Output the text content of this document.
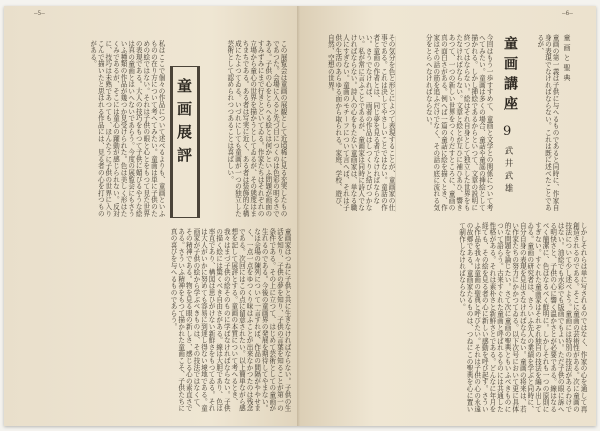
—5—
この展覧会は童画の展観として近頃稀に見る充実したものであつた。会場に入ると先づ目につくのは色彩の明るさである。子供の心をとらへる絵とは何かといふ問題が画面のすみずみにまで行きとどいてゐる。作家たちはそれぞれの立場から童心の世界を描かうとしてゐるが、その態度はまちまちである。ある者は写実に近く、ある者は装飾的な構成にたよつてゐる。いづれにしても童画が一つの独立した芸術として認められつつあることは喜ばしい。
童画展評
私はここで個々の作品について述べるよりも、童画といふものの在り方について考へてみたい。童画は単に子供のための絵ではない。それは子供の眼と心とをもつて見た世界の表現である。大人の技巧をもつて子供に媚びるやうな絵は真の童画とはいへないであらう。今度の展覧会にもさういふ種類の作品が幾つか見受けられた。色は美しく形はたくみであるが、そこには童心の躍動が感じられない。反対に、技巧は未熟であつても、ほんたうに子供の世界に入りこんで描いたと思はれる作品には、見る者の心を打つものがある。
童画家はつねに子供と共に生きなければならない。子供の生活を知り、子供の夢を知り、子供の言葉を知ることが第一の条件である。その上に立つて、はじめて芸術としての童画が生れるのである。今後の童画界の発展を期待してやまない。なほ会場の陳列について一言すれば、作品の間隔がややせまく、一点一点をゆつくり味はふことが出来なかつたのは残念である。次回にはこの点に留意されたい。以上簡単ながら感想を記して展評とする。童画の本質について考へるとき、我々はまづ子供の絵そのものに学ばなければならない。子供の描く絵には驚くべき自由さがある。線は大胆であり、色は率直であり、構図は思ひがけない新鮮さをもつてゐる。それは大人がいかに努めても容易に到達し得ない境地である。童画家が子供の絵から学ぶべきものは、その技法ではなくて、その精神である。物を見る眼の新しさ、感じる心の素直さである。さういふ精神をもつて描かれた童画こそ、子供たちに真の喜びを与へるものであらう。
—6—
童画と聖典
童画の第一義は子供に与へるものであると同時に、作家自身の表現でなければならない。これは既に述べたことであるが、
童画講座
9
武井武雄
今回はもう一歩すすめて、童画と文学との関係について考へてみたい。童画は多くの場合、童話や童謡の挿絵として描かれる。しかし挿絵であるからといつて、文章の説明に終つてはならない。絵はそれ自身として独立した世界をもたなければならない。文章と絵とが互ひに補ひあひ、響きあつて、一つの新しい世界をつくりだすところに、童画の真の面白さがある。例へば一篇の童話に絵を描くとき、作家はその話の筋を追ふだけでなく、その話の底に流れる気分をとらへなければならない。
その気分を色と形とによつて表現することが、童画家の仕事である。これは決してやさしいことではない。童話の作者と童画の作者とは、同じ夢を見る者でなければならない。さうでなければ、両者の作品はしつくりと結びつかない。私が常に言ふことであるが、童画家は同時に詩人でなければならない。詩人の心をもたない童画家は、単なる職人にすぎない。童画のモチーフについて言へば、それは子供の生活のあらゆる面から取られる。家庭、学校、遊び、自然、空想の世界。
しかしそれらは単に写されるのではなく、作家の心を通して再創造されるのである。そこに童画の芸術性がある。次に童画の技法について少し述べよう。童画には特別の技法があるわけではない。油絵でも水彩でも版画でもよい。ただ子供の眼に訴へる明快さと、子供の心に響く温かさとが必要である。線はなるべく簡潔に、色はなるべく鮮明に。しかしそれも一つの原則にすぎない。すぐれた童画家はそれぞれ独自の技法を編み出してゐる。童画の研究者は、さういふ先人の業績を学ぶと同時に、自分自身の表現を見出さなければならない。童画の将来は、若い作家たちの努力にかかつてゐる。以下次号において更に具体的な問題を論じたい。さて次に童画の聖典ともいふべきものについて語らう。古来すぐれた童画と呼ばれるものには共通した性格がある。それは素朴さと新鮮さとである。どんなに年月を経ても、その絵を見る者の心に新しい感動を呼び起す。さういふ作品を我々は童画の聖典と呼びたい。それは子供の心の永遠の故郷である。童画家たるものは、つねにこの聖典を心に置いて制作しなければならない。
